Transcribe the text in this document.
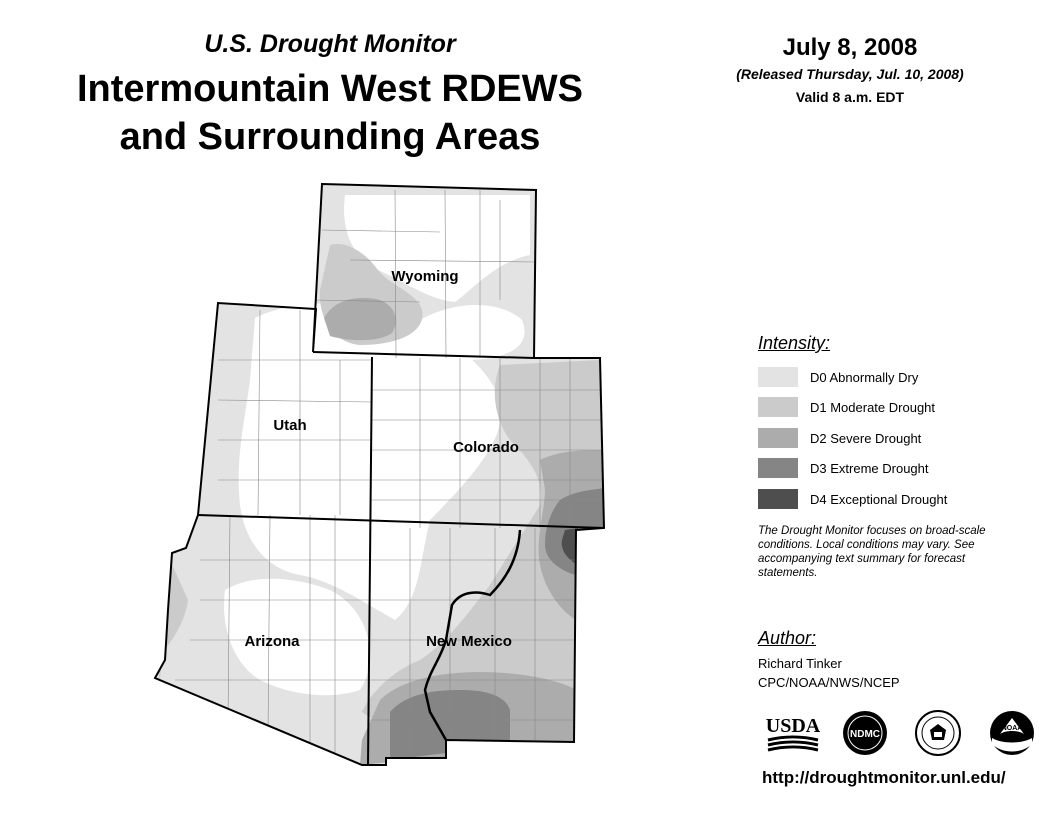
U.S. Drought Monitor
Intermountain West RDEWS
and Surrounding Areas
July 8, 2008
(Released Thursday, Jul. 10, 2008)
Valid 8 a.m. EDT
Wyoming
Utah
Colorado
Arizona	New Mexico
Intensity:
D0 Abnormally Dry
D1 Moderate Drought
D2 Severe Drought
D3 Extreme Drought
D4 Exceptional Drought
The Drought Monitor focuses on broad-scale conditions. Local conditions may vary. See accompanying text summary for forecast statements.
Author:
Richard Tinker
CPC/NOAA/NWS/NCEP
USDA	NDMC
NOAA
http://droughtmonitor.unl.edu/
